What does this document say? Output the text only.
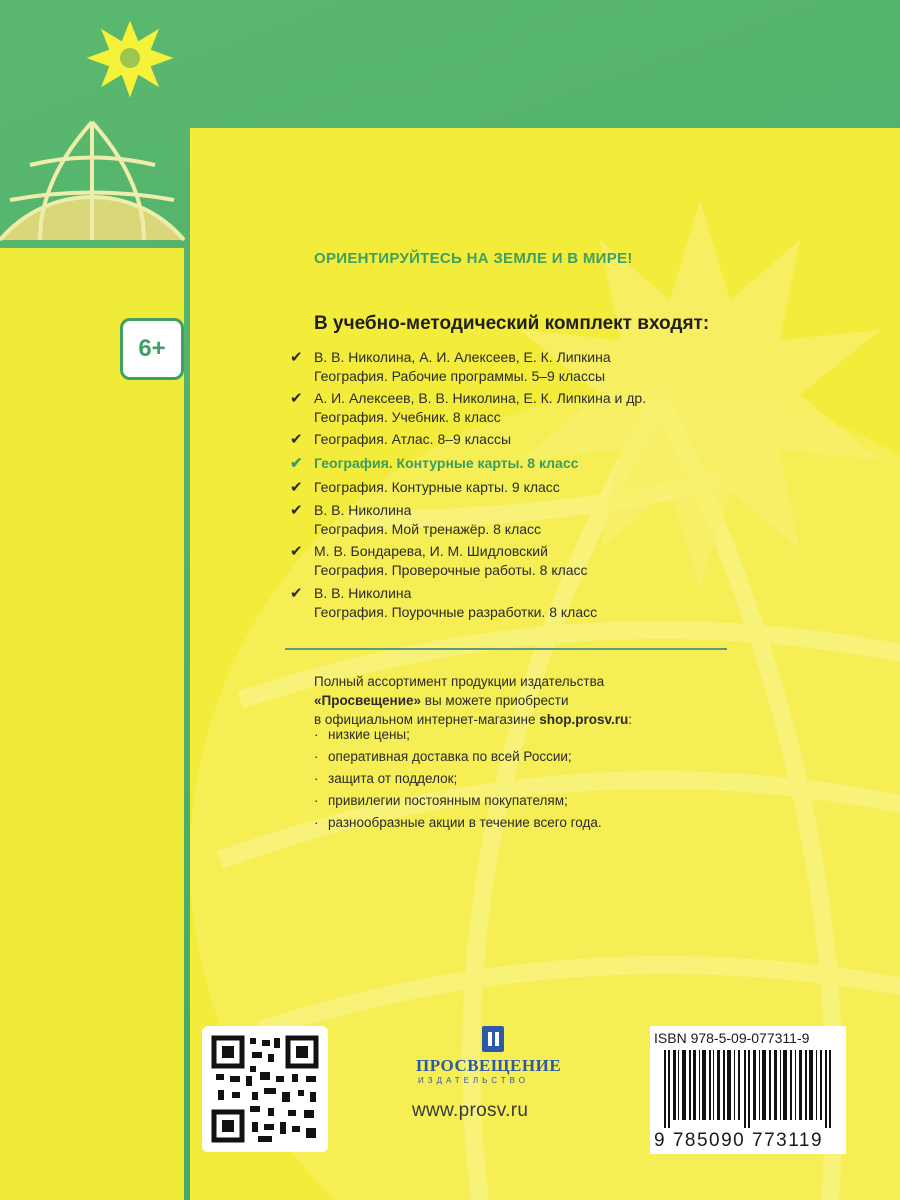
6+
ОРИЕНТИРУЙТЕСЬ НА ЗЕМЛЕ И В МИРЕ!
В учебно-методический комплект входят:
✔ В. В. Николина, А. И. Алексеев, Е. К. Липкина
География. Рабочие программы. 5–9 классы
✔ А. И. Алексеев, В. В. Николина, Е. К. Липкина и др.
География. Учебник. 8 класс
✔ География. Атлас. 8–9 классы
✔ География. Контурные карты. 8 класс
✔ География. Контурные карты. 9 класс
✔ В. В. Николина
География. Мой тренажёр. 8 класс
✔ М. В. Бондарева, И. М. Шидловский
География. Проверочные работы. 8 класс
✔ В. В. Николина
География. Поурочные разработки. 8 класс
Полный ассортимент продукции издательства
«Просвещение» вы можете приобрести
в официальном интернет-магазине shop.prosv.ru:
· низкие цены;
· оперативная доставка по всей России;
· защита от подделок;
· привилегии постоянным покупателям;
· разнообразные акции в течение всего года.
ПРОСВЕЩЕНИЕ
ИЗДАТЕЛЬСТВО
www.prosv.ru
ISBN 978-5-09-077311-9
9 785090 773119
